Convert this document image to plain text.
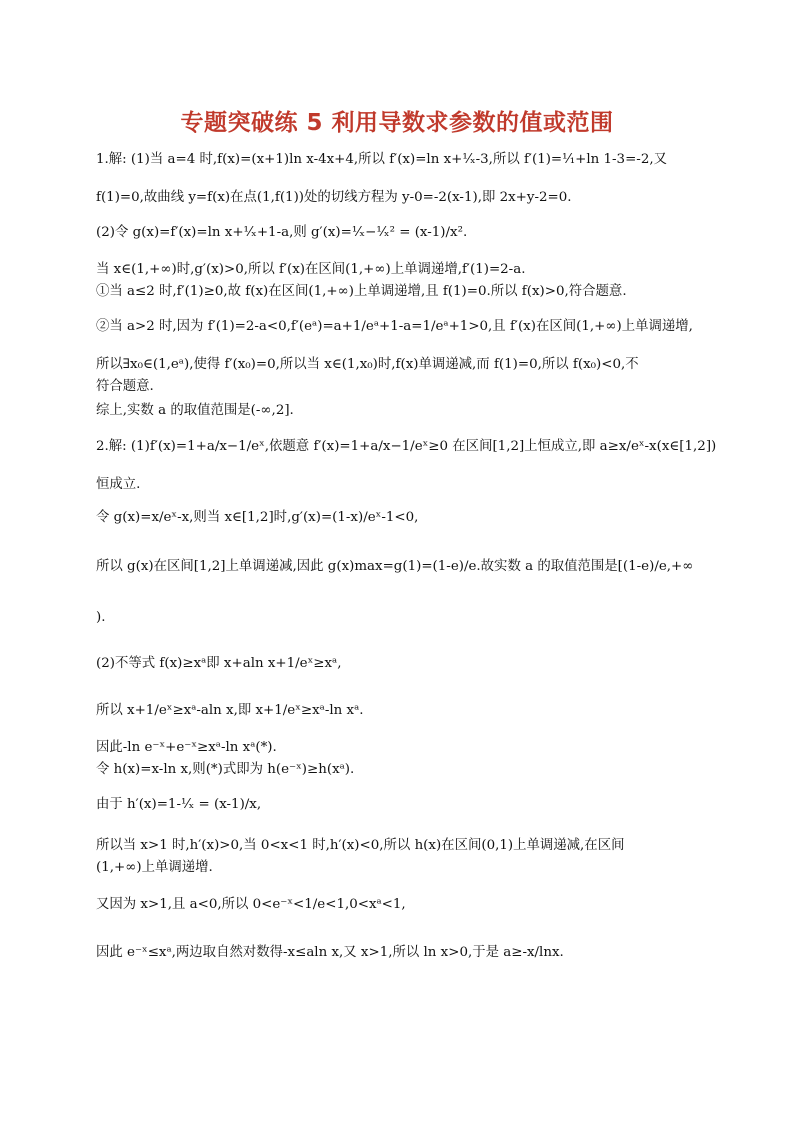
专题突破练 5 利用导数求参数的值或范围
1.解: (1)当 a=4 时,f(x)=(x+1)ln x-4x+4,所以 f′(x)=ln x+¹⁄ₓ-3,所以 f′(1)=¹⁄₁+ln 1-3=-2,又
f(1)=0,故曲线 y=f(x)在点(1,f(1))处的切线方程为 y-0=-2(x-1),即 2x+y-2=0.
(2)令 g(x)=f′(x)=ln x+¹⁄ₓ+1-a,则 g′(x)=¹⁄ₓ−¹⁄ₓ² = (x-1)/x².
当 x∈(1,+∞)时,g′(x)>0,所以 f′(x)在区间(1,+∞)上单调递增,f′(1)=2-a.
①当 a≤2 时,f′(1)≥0,故 f(x)在区间(1,+∞)上单调递增,且 f(1)=0.所以 f(x)>0,符合题意.
②当 a>2 时,因为 f′(1)=2-a<0,f′(eᵃ)=a+1/eᵃ+1-a=1/eᵃ+1>0,且 f′(x)在区间(1,+∞)上单调递增,
所以∃x₀∈(1,eᵃ),使得 f′(x₀)=0,所以当 x∈(1,x₀)时,f(x)单调递减,而 f(1)=0,所以 f(x₀)<0,不
符合题意.
综上,实数 a 的取值范围是(-∞,2].
2.解: (1)f′(x)=1+a/x−1/eˣ,依题意 f′(x)=1+a/x−1/eˣ≥0 在区间[1,2]上恒成立,即 a≥x/eˣ-x(x∈[1,2])
恒成立.
令 g(x)=x/eˣ-x,则当 x∈[1,2]时,g′(x)=(1-x)/eˣ-1<0,
所以 g(x)在区间[1,2]上单调递减,因此 g(x)max=g(1)=(1-e)/e.故实数 a 的取值范围是[(1-e)/e,+∞
).
(2)不等式 f(x)≥xᵃ即 x+aln x+1/eˣ≥xᵃ,
所以 x+1/eˣ≥xᵃ-aln x,即 x+1/eˣ≥xᵃ-ln xᵃ.
因此-ln e⁻ˣ+e⁻ˣ≥xᵃ-ln xᵃ(*).
令 h(x)=x-ln x,则(*)式即为 h(e⁻ˣ)≥h(xᵃ).
由于 h′(x)=1-¹⁄ₓ = (x-1)/x,
所以当 x>1 时,h′(x)>0,当 0<x<1 时,h′(x)<0,所以 h(x)在区间(0,1)上单调递减,在区间
(1,+∞)上单调递增.
又因为 x>1,且 a<0,所以 0<e⁻ˣ<1/e<1,0<xᵃ<1,
因此 e⁻ˣ≤xᵃ,两边取自然对数得-x≤aln x,又 x>1,所以 ln x>0,于是 a≥-x/lnx.
